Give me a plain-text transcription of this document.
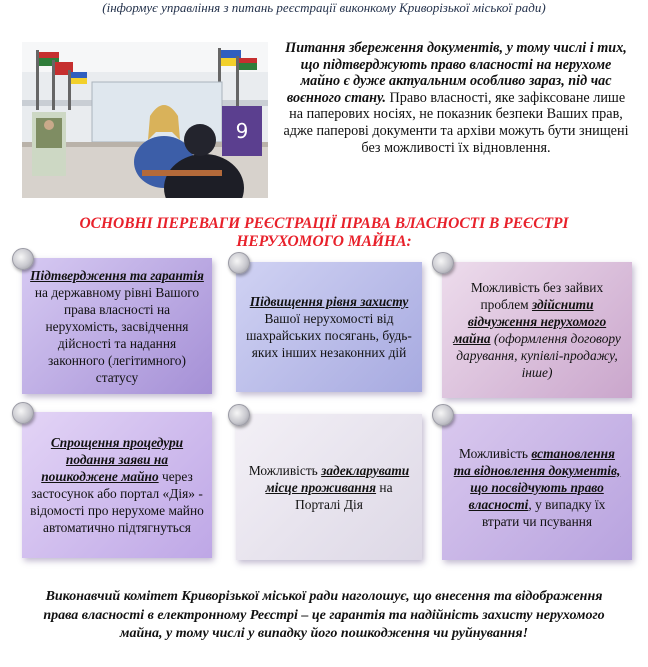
(інформує управління з питань реєстрації виконкому Криворізької міської ради)
9
Питання збереження документів, у тому числі і тих, що підтверджують право власності на нерухоме майно є дуже актуальним особливо зараз, під час воєнного стану. Право власності, яке зафіксоване лише на паперових носіях, не показник безпеки Ваших прав, адже паперові документи та архіви можуть бути знищені без можливості їх відновлення.
ОСНОВНІ ПЕРЕВАГИ РЕЄСТРАЦІЇ ПРАВА ВЛАСНОСТІ В РЕЄСТРІ НЕРУХОМОГО МАЙНА:
Підтвердження та гарантія на державному рівні Вашого права власності на нерухомість, засвідчення дійсності та надання законного (легітимного) статусу
Підвищення рівня захисту Вашої нерухомості від шахрайських посягань, будь-яких інших незаконних дій
Можливість без зайвих проблем здійснити відчуження нерухомого майна (оформлення договору дарування, купівлі-продажу, інше)
Спрощення процедури подання заяви на пошкоджене майно через застосунок або портал «Дія» - відомості про нерухоме майно автоматично підтягнуться
Можливість задекларувати місце проживання на Порталі Дія
Можливість встановлення та відновлення документів, що посвідчують право власності, у випадку їх втрати чи псування
Виконавчий комітет Криворізької міської ради наголошує, що внесення та відображення права власності в електронному Реєстрі – це гарантія та надійність захисту нерухомого майна, у тому числі у випадку його пошкодження чи руйнування!
